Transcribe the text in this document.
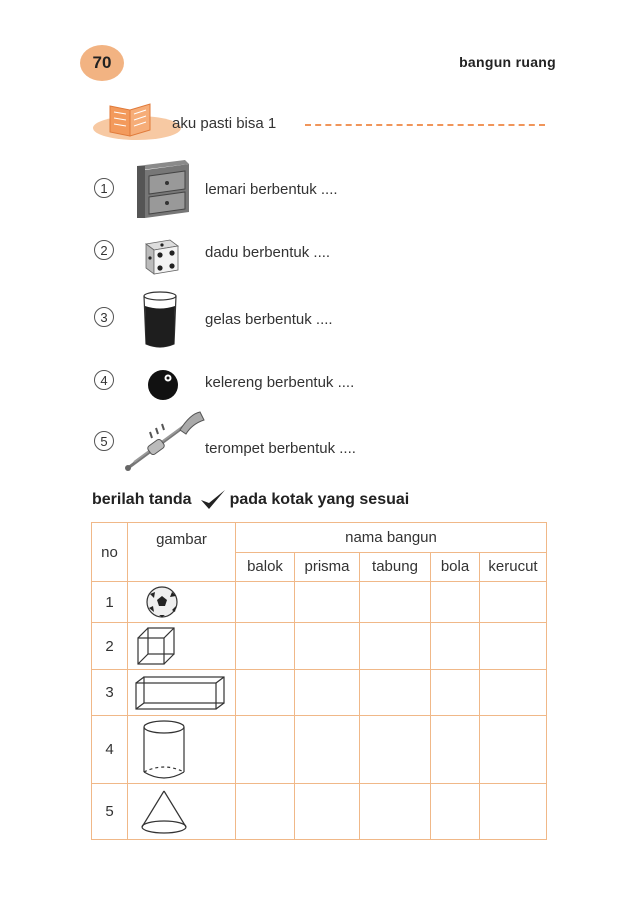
70	bangun ruang
aku pasti bisa 1
1	lemari berbentuk ....
2	dadu berbentuk ....
3	gelas berbentuk ....
4	kelereng berbentuk ....
5	terompet berbentuk ....
berilah tanda pada kotak yang sesuai
no	gambar	nama bangun				
		balok	prisma	tabung	bola	kerucut
1	

2	

3	

4	

5	
